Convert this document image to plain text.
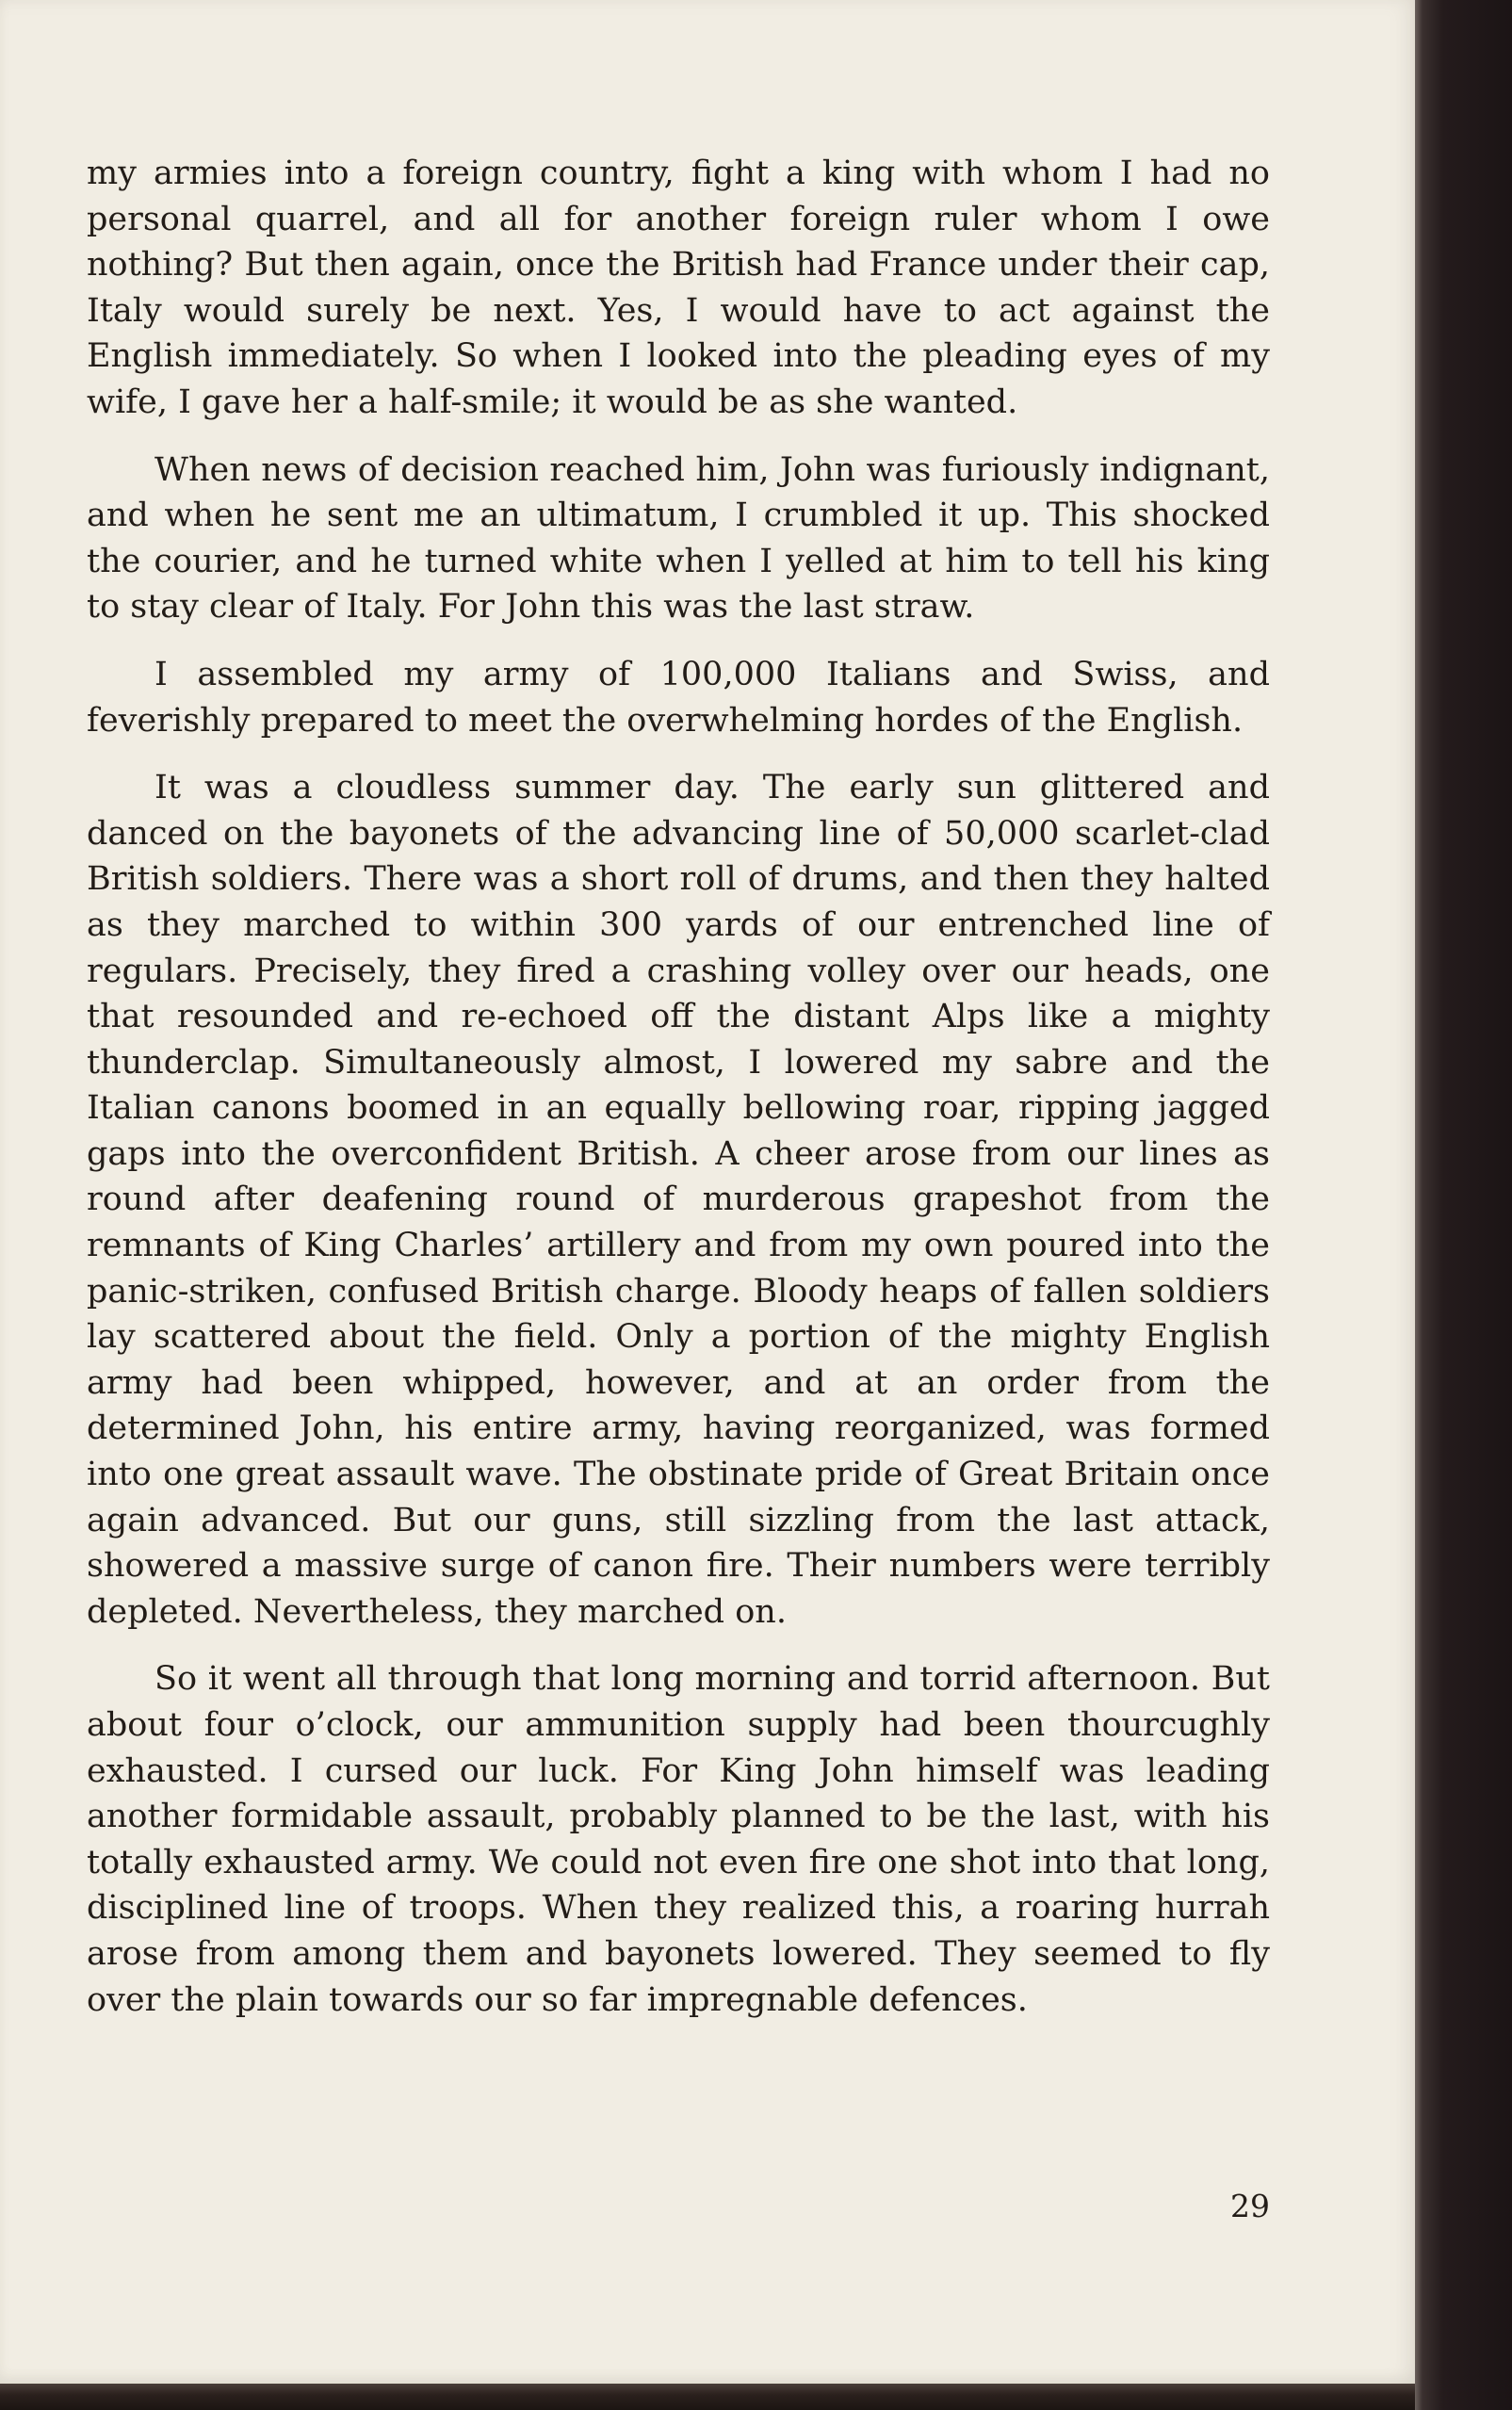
my armies into a foreign country, fight a king with whom I had no personal quarrel, and all for another foreign ruler whom I owe nothing? But then again, once the British had France under their cap, Italy would surely be next. Yes, I would have to act against the English immediately. So when I looked into the pleading eyes of my wife, I gave her a half-smile; it would be as she wanted.

When news of decision reached him, John was furiously indignant, and when he sent me an ultimatum, I crumbled it up. This shocked the courier, and he turned white when I yelled at him to tell his king to stay clear of Italy. For John this was the last straw.

I assembled my army of 100,000 Italians and Swiss, and feverishly prepared to meet the overwhelming hordes of the English.

It was a cloudless summer day. The early sun glittered and danced on the bayonets of the advancing line of 50,000 scarlet-clad British soldiers. There was a short roll of drums, and then they halted as they marched to within 300 yards of our entrenched line of regulars. Precisely, they fired a crashing volley over our heads, one that resounded and re-echoed off the distant Alps like a mighty thunderclap. Simultaneously almost, I lowered my sabre and the Italian canons boomed in an equally bellowing roar, ripping jagged gaps into the overconfident British. A cheer arose from our lines as round after deafening round of murderous grapeshot from the remnants of King Charles’ artillery and from my own poured into the panic-striken, confused British charge. Bloody heaps of fallen soldiers lay scattered about the field. Only a portion of the mighty English army had been whipped, however, and at an order from the determined John, his entire army, having reorganized, was formed into one great assault wave. The obstinate pride of Great Britain once again advanced. But our guns, still sizzling from the last attack, showered a massive surge of canon fire. Their numbers were terribly depleted. Nevertheless, they marched on.

So it went all through that long morning and torrid afternoon. But about four o’clock, our ammunition supply had been thourcughly exhausted. I cursed our luck. For King John himself was leading another formidable assault, probably planned to be the last, with his totally exhausted army. We could not even fire one shot into that long, disciplined line of troops. When they realized this, a roaring hurrah arose from among them and bayonets lowered. They seemed to fly over the plain towards our so far impregnable defences.

29
